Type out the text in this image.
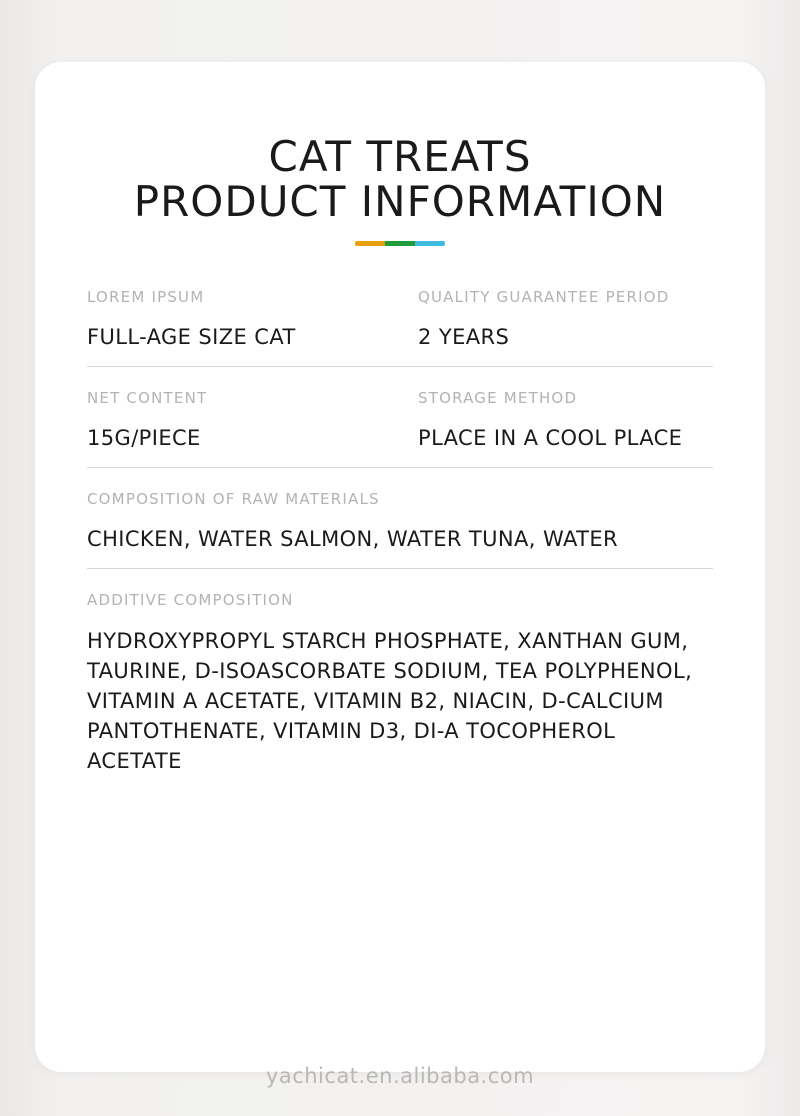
CAT TREATS
PRODUCT INFORMATION
LOREM IPSUM
FULL-AGE SIZE CAT
QUALITY GUARANTEE PERIOD
2 YEARS
NET CONTENT
15G/PIECE
STORAGE METHOD
PLACE IN A COOL PLACE
COMPOSITION OF RAW MATERIALS
CHICKEN, WATER SALMON, WATER TUNA, WATER
ADDITIVE COMPOSITION
HYDROXYPROPYL STARCH PHOSPHATE, XANTHAN GUM, TAURINE, D-ISOASCORBATE SODIUM, TEA POLYPHENOL, VITAMIN A ACETATE, VITAMIN B2, NIACIN, D-CALCIUM PANTOTHENATE, VITAMIN D3, DI-A TOCOPHEROL ACETATE
yachicat.en.alibaba.com
